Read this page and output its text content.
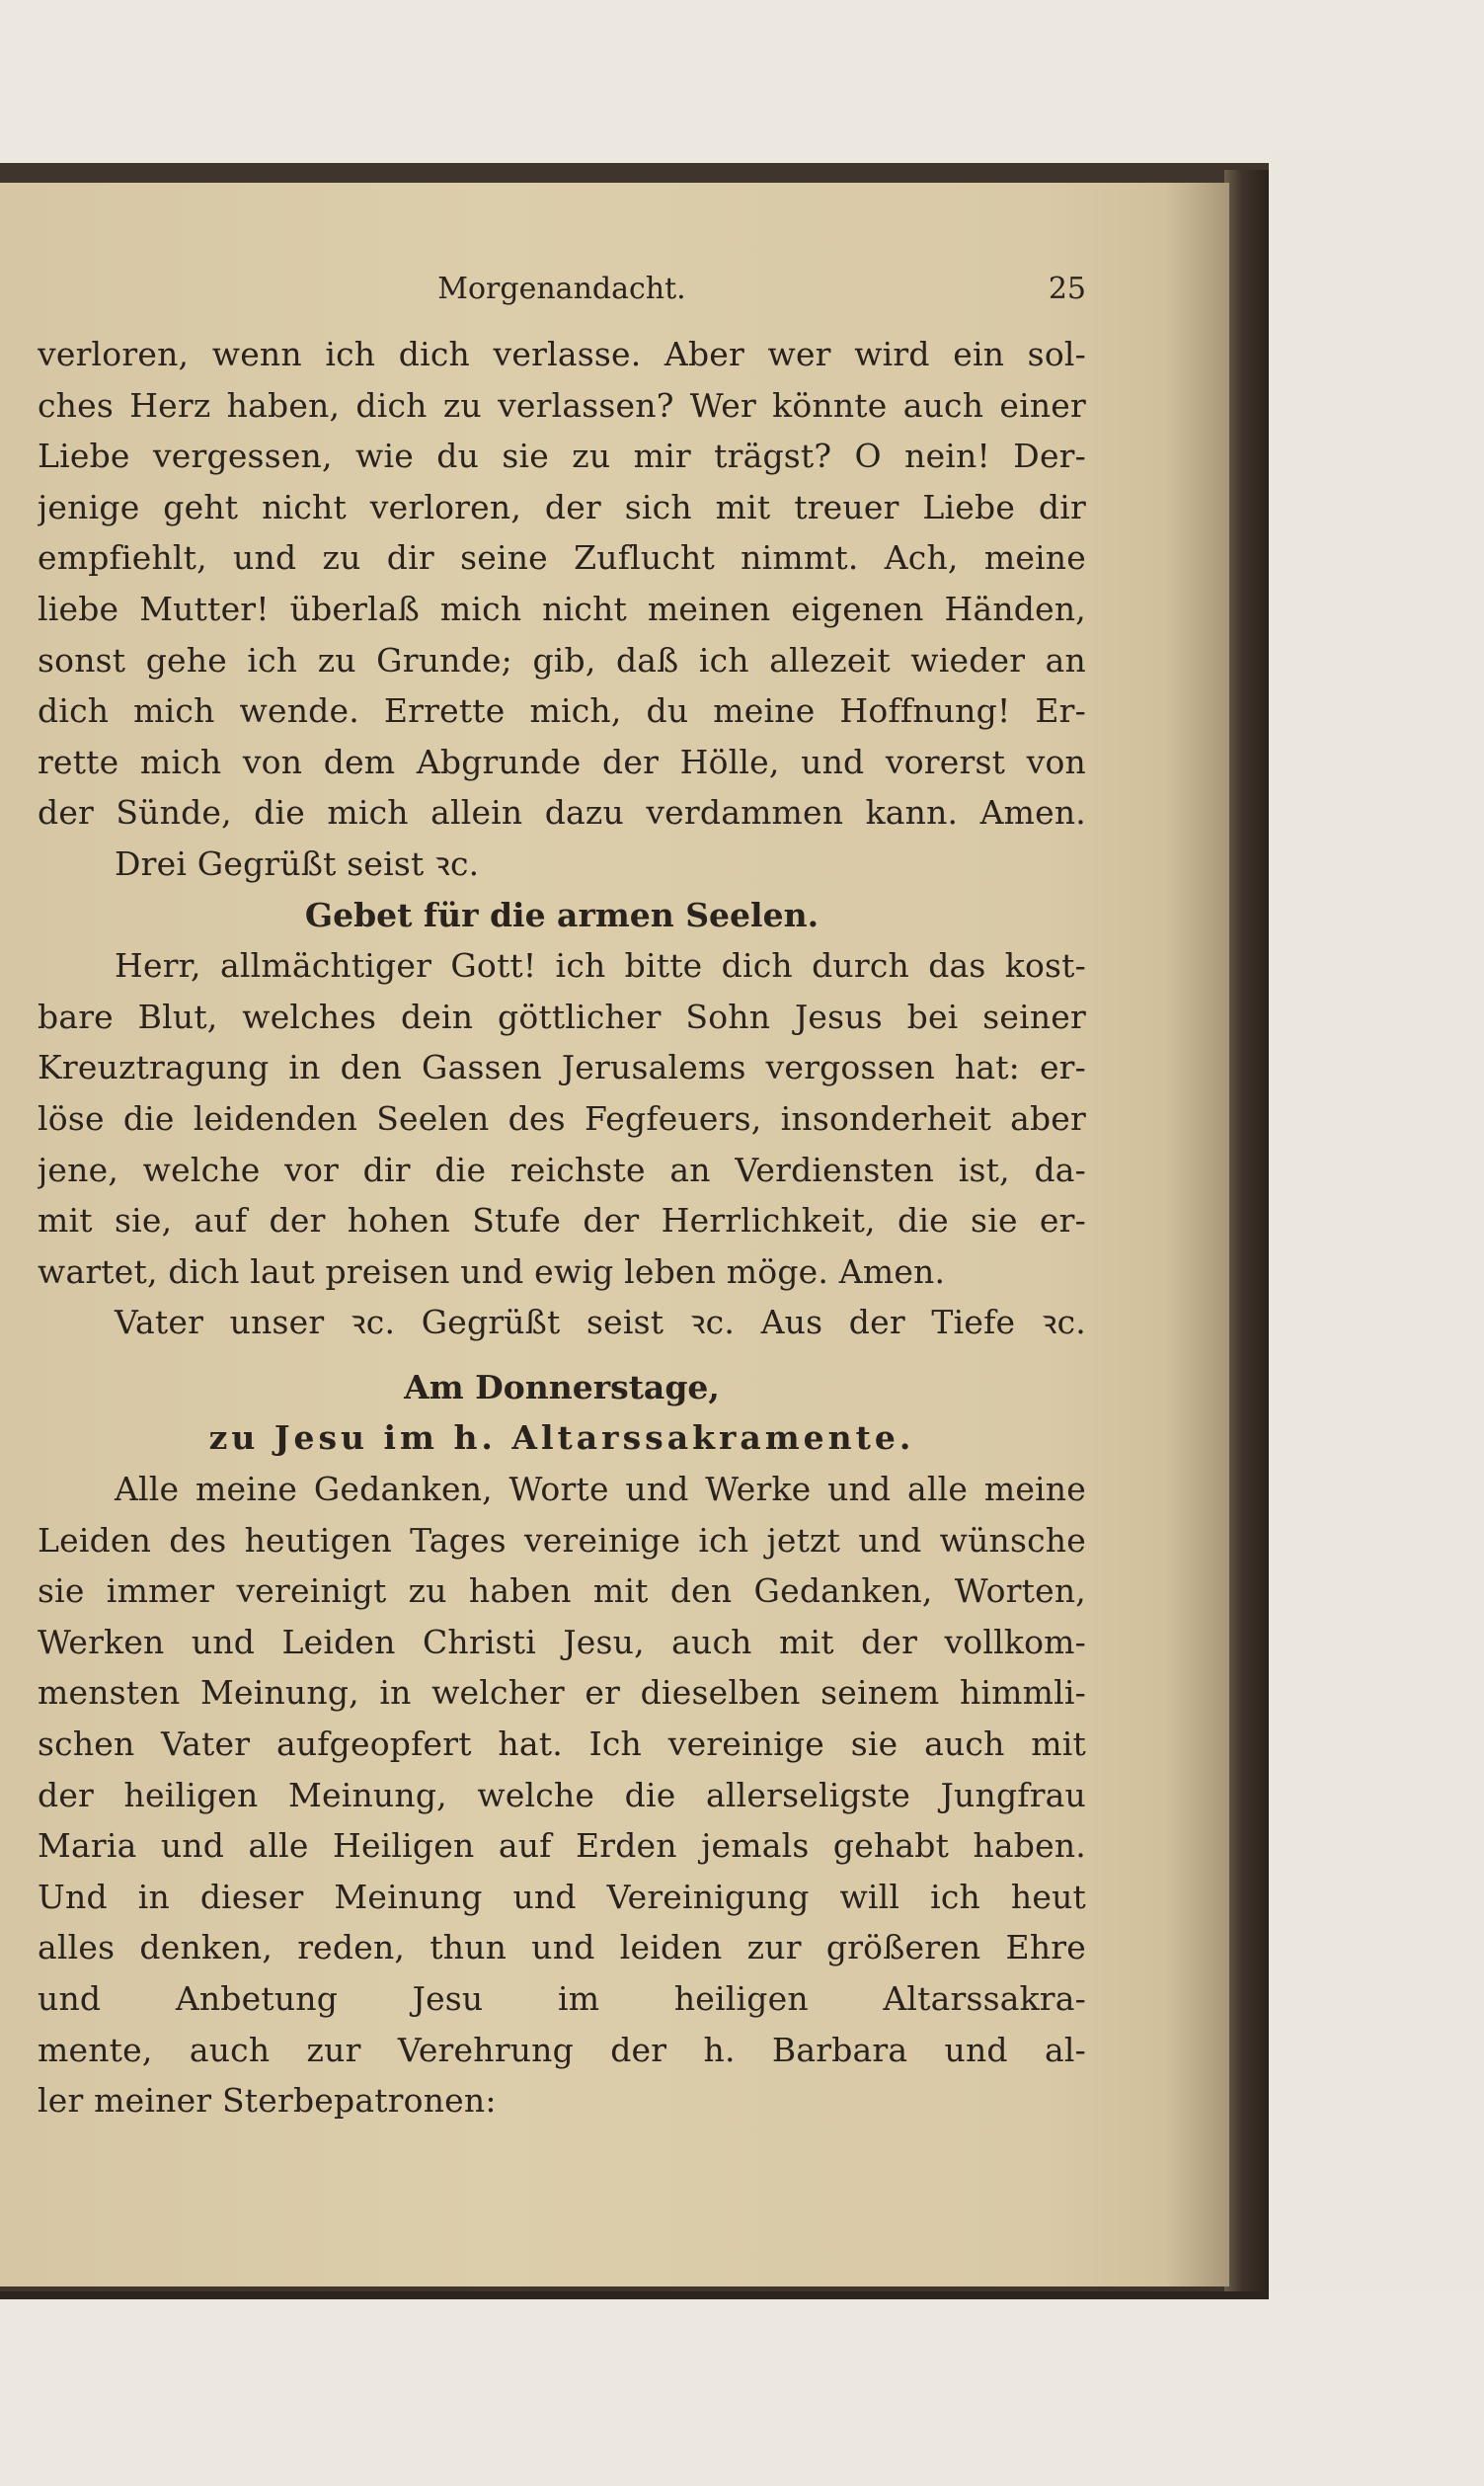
Morgenandacht.	25
verloren, wenn ich dich verlasse. Aber wer wird ein sol-
ches Herz haben, dich zu verlassen? Wer könnte auch einer
Liebe vergessen, wie du sie zu mir trägst? O nein! Der-
jenige geht nicht verloren, der sich mit treuer Liebe dir
empfiehlt, und zu dir seine Zuflucht nimmt. Ach, meine
liebe Mutter! überlaß mich nicht meinen eigenen Händen,
sonst gehe ich zu Grunde; gib, daß ich allezeit wieder an
dich mich wende. Errette mich, du meine Hoffnung! Er-
rette mich von dem Abgrunde der Hölle, und vorerst von
der Sünde, die mich allein dazu verdammen kann. Amen.
Drei Gegrüßt seist ꝛc.
Gebet für die armen Seelen.
Herr, allmächtiger Gott! ich bitte dich durch das kost-
bare Blut, welches dein göttlicher Sohn Jesus bei seiner
Kreuztragung in den Gassen Jerusalems vergossen hat: er-
löse die leidenden Seelen des Fegfeuers, insonderheit aber
jene, welche vor dir die reichste an Verdiensten ist, da-
mit sie, auf der hohen Stufe der Herrlichkeit, die sie er-
wartet, dich laut preisen und ewig leben möge. Amen.
Vater unser ꝛc. Gegrüßt seist ꝛc. Aus der Tiefe ꝛc.
Am Donnerstage,
zu Jesu im h. Altarssakramente.
Alle meine Gedanken, Worte und Werke und alle meine
Leiden des heutigen Tages vereinige ich jetzt und wünsche
sie immer vereinigt zu haben mit den Gedanken, Worten,
Werken und Leiden Christi Jesu, auch mit der vollkom-
mensten Meinung, in welcher er dieselben seinem himmli-
schen Vater aufgeopfert hat. Ich vereinige sie auch mit
der heiligen Meinung, welche die allerseligste Jungfrau
Maria und alle Heiligen auf Erden jemals gehabt haben.
Und in dieser Meinung und Vereinigung will ich heut
alles denken, reden, thun und leiden zur größeren Ehre
und Anbetung Jesu im heiligen Altarssakra-
mente, auch zur Verehrung der h. Barbara und al-
ler meiner Sterbepatronen:
